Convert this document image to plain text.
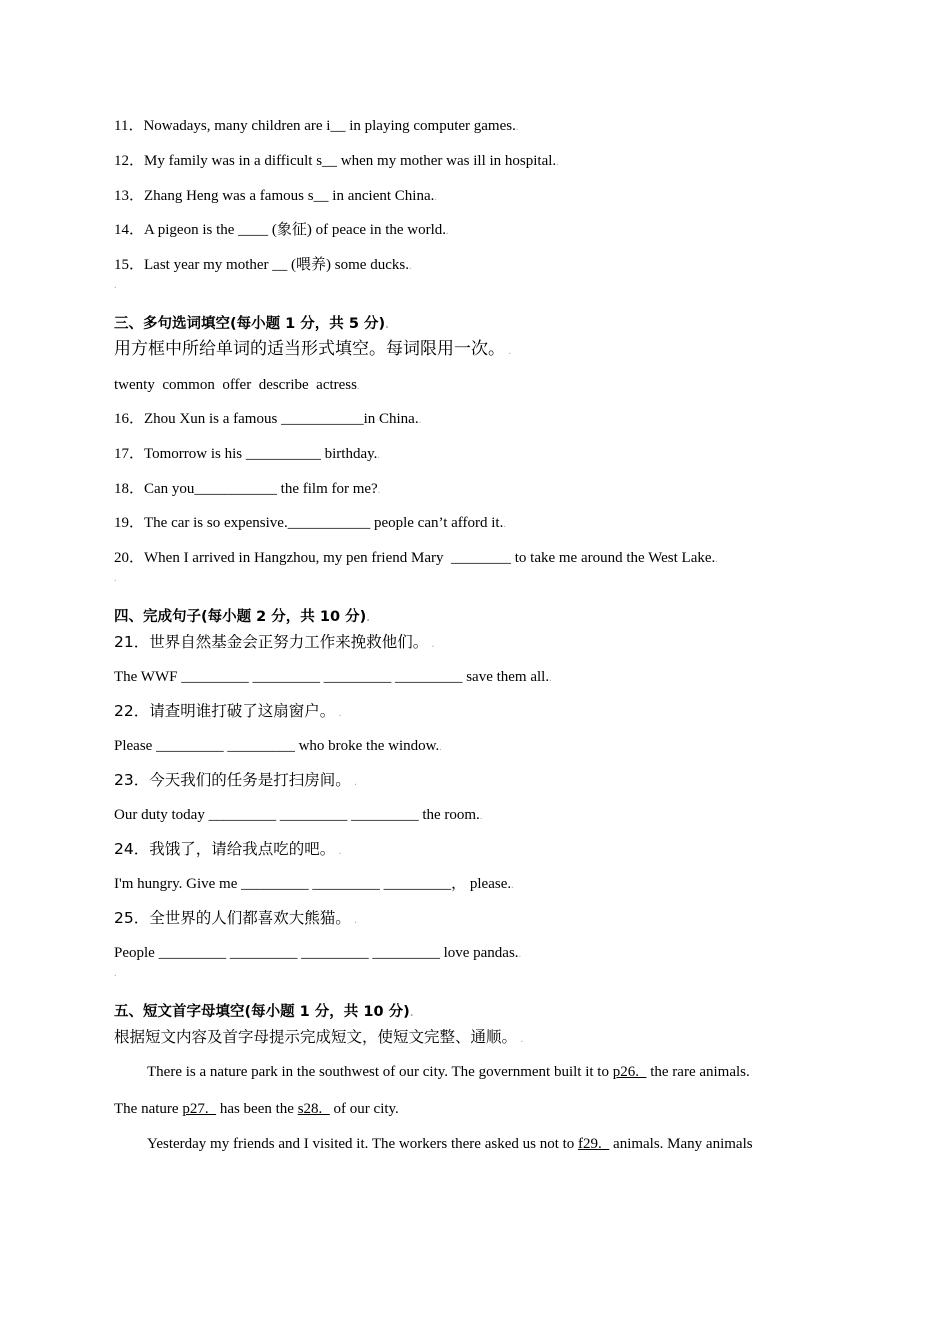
11．Nowadays, many children are i__ in playing computer games..
12．My family was in a difficult s__ when my mother was ill in hospital..
13．Zhang Heng was a famous s__ in ancient China..
14．A pigeon is the ____ (象征) of peace in the world..
15．Last year my mother __ (喂养) some ducks..
.
三、多句选词填空(每小题 1 分，共 5 分).
用方框中所给单词的适当形式填空。每词限用一次。 .
twenty  common  offer  describe  actress.
16．Zhou Xun is a famous ___________in China..
17．Tomorrow is his __________ birthday..
18．Can you___________ the film for me?.
19．The car is so expensive.___________ people can’t afford it..
20．When I arrived in Hangzhou, my pen friend Mary  ________ to take me around the West Lake..
.
四、完成句子(每小题 2 分，共 10 分).
21．世界自然基金会正努力工作来挽救他们。 .
The WWF _________ _________ _________ _________ save them all..
22．请查明谁打破了这扇窗户。 .
Please _________ _________ who broke the window..
23．今天我们的任务是打扫房间。 .
Our duty today _________ _________ _________ the room..
24．我饿了，请给我点吃的吧。 .
I'm hungry. Give me _________ _________ _________， please..
25．全世界的人们都喜欢大熊猫。 .
People _________ _________ _________ _________ love pandas..
.
五、短文首字母填空(每小题 1 分，共 10 分).
根据短文内容及首字母提示完成短文，使短文完整、通顺。 .
There is a nature park in the southwest of our city. The government built it to p26.   the rare animals.
The nature p27.   has been the s28.   of our city.
Yesterday my friends and I visited it. The workers there asked us not to f29.   animals. Many animals
